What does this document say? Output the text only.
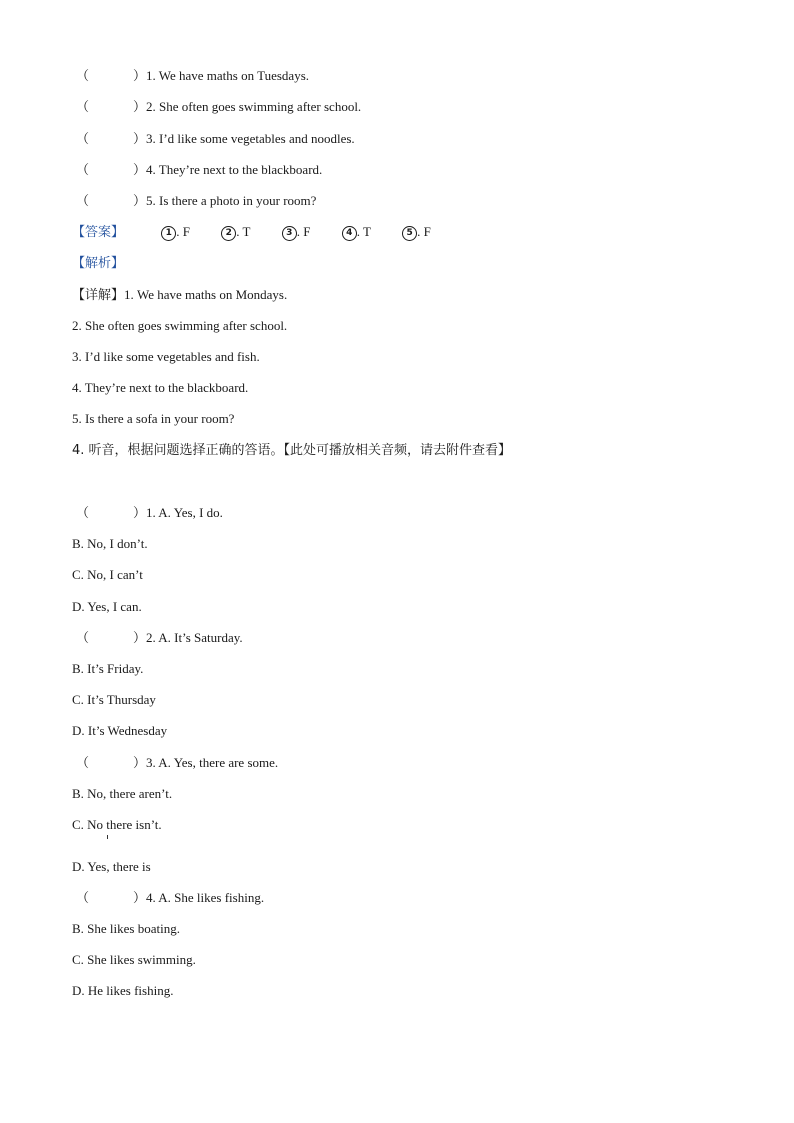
（	）1. We have maths on Tuesdays.
（	）2. She often goes swimming after school.
（	）3. I’d like some vegetables and noodles.
（	）4. They’re next to the blackboard.
（	）5. Is there a photo in your room?
【答案】	1 . F	2 . T	3 . F	4 . T	5 . F
【解析】
【详解】1. We have maths on Mondays.
2. She often goes swimming after school.
3. I’d like some vegetables and fish.
4. They’re next to the blackboard.
5. Is there a sofa in your room?
4. 听音，根据问题选择正确的答语。【此处可播放相关音频，请去附件查看】
（	）1. A. Yes, I do.
B. No, I don’t.
C. No, I can’t
D. Yes, I can.
（	）2. A. It’s Saturday.
B. It’s Friday.
C. It’s Thursday
D. It’s Wednesday
（	）3. A. Yes, there are some.
B. No, there aren’t.
C. No there isn’t.
D. Yes, there is
（	）4. A. She likes fishing.
B. She likes boating.
C. She likes swimming.
D. He likes fishing.
